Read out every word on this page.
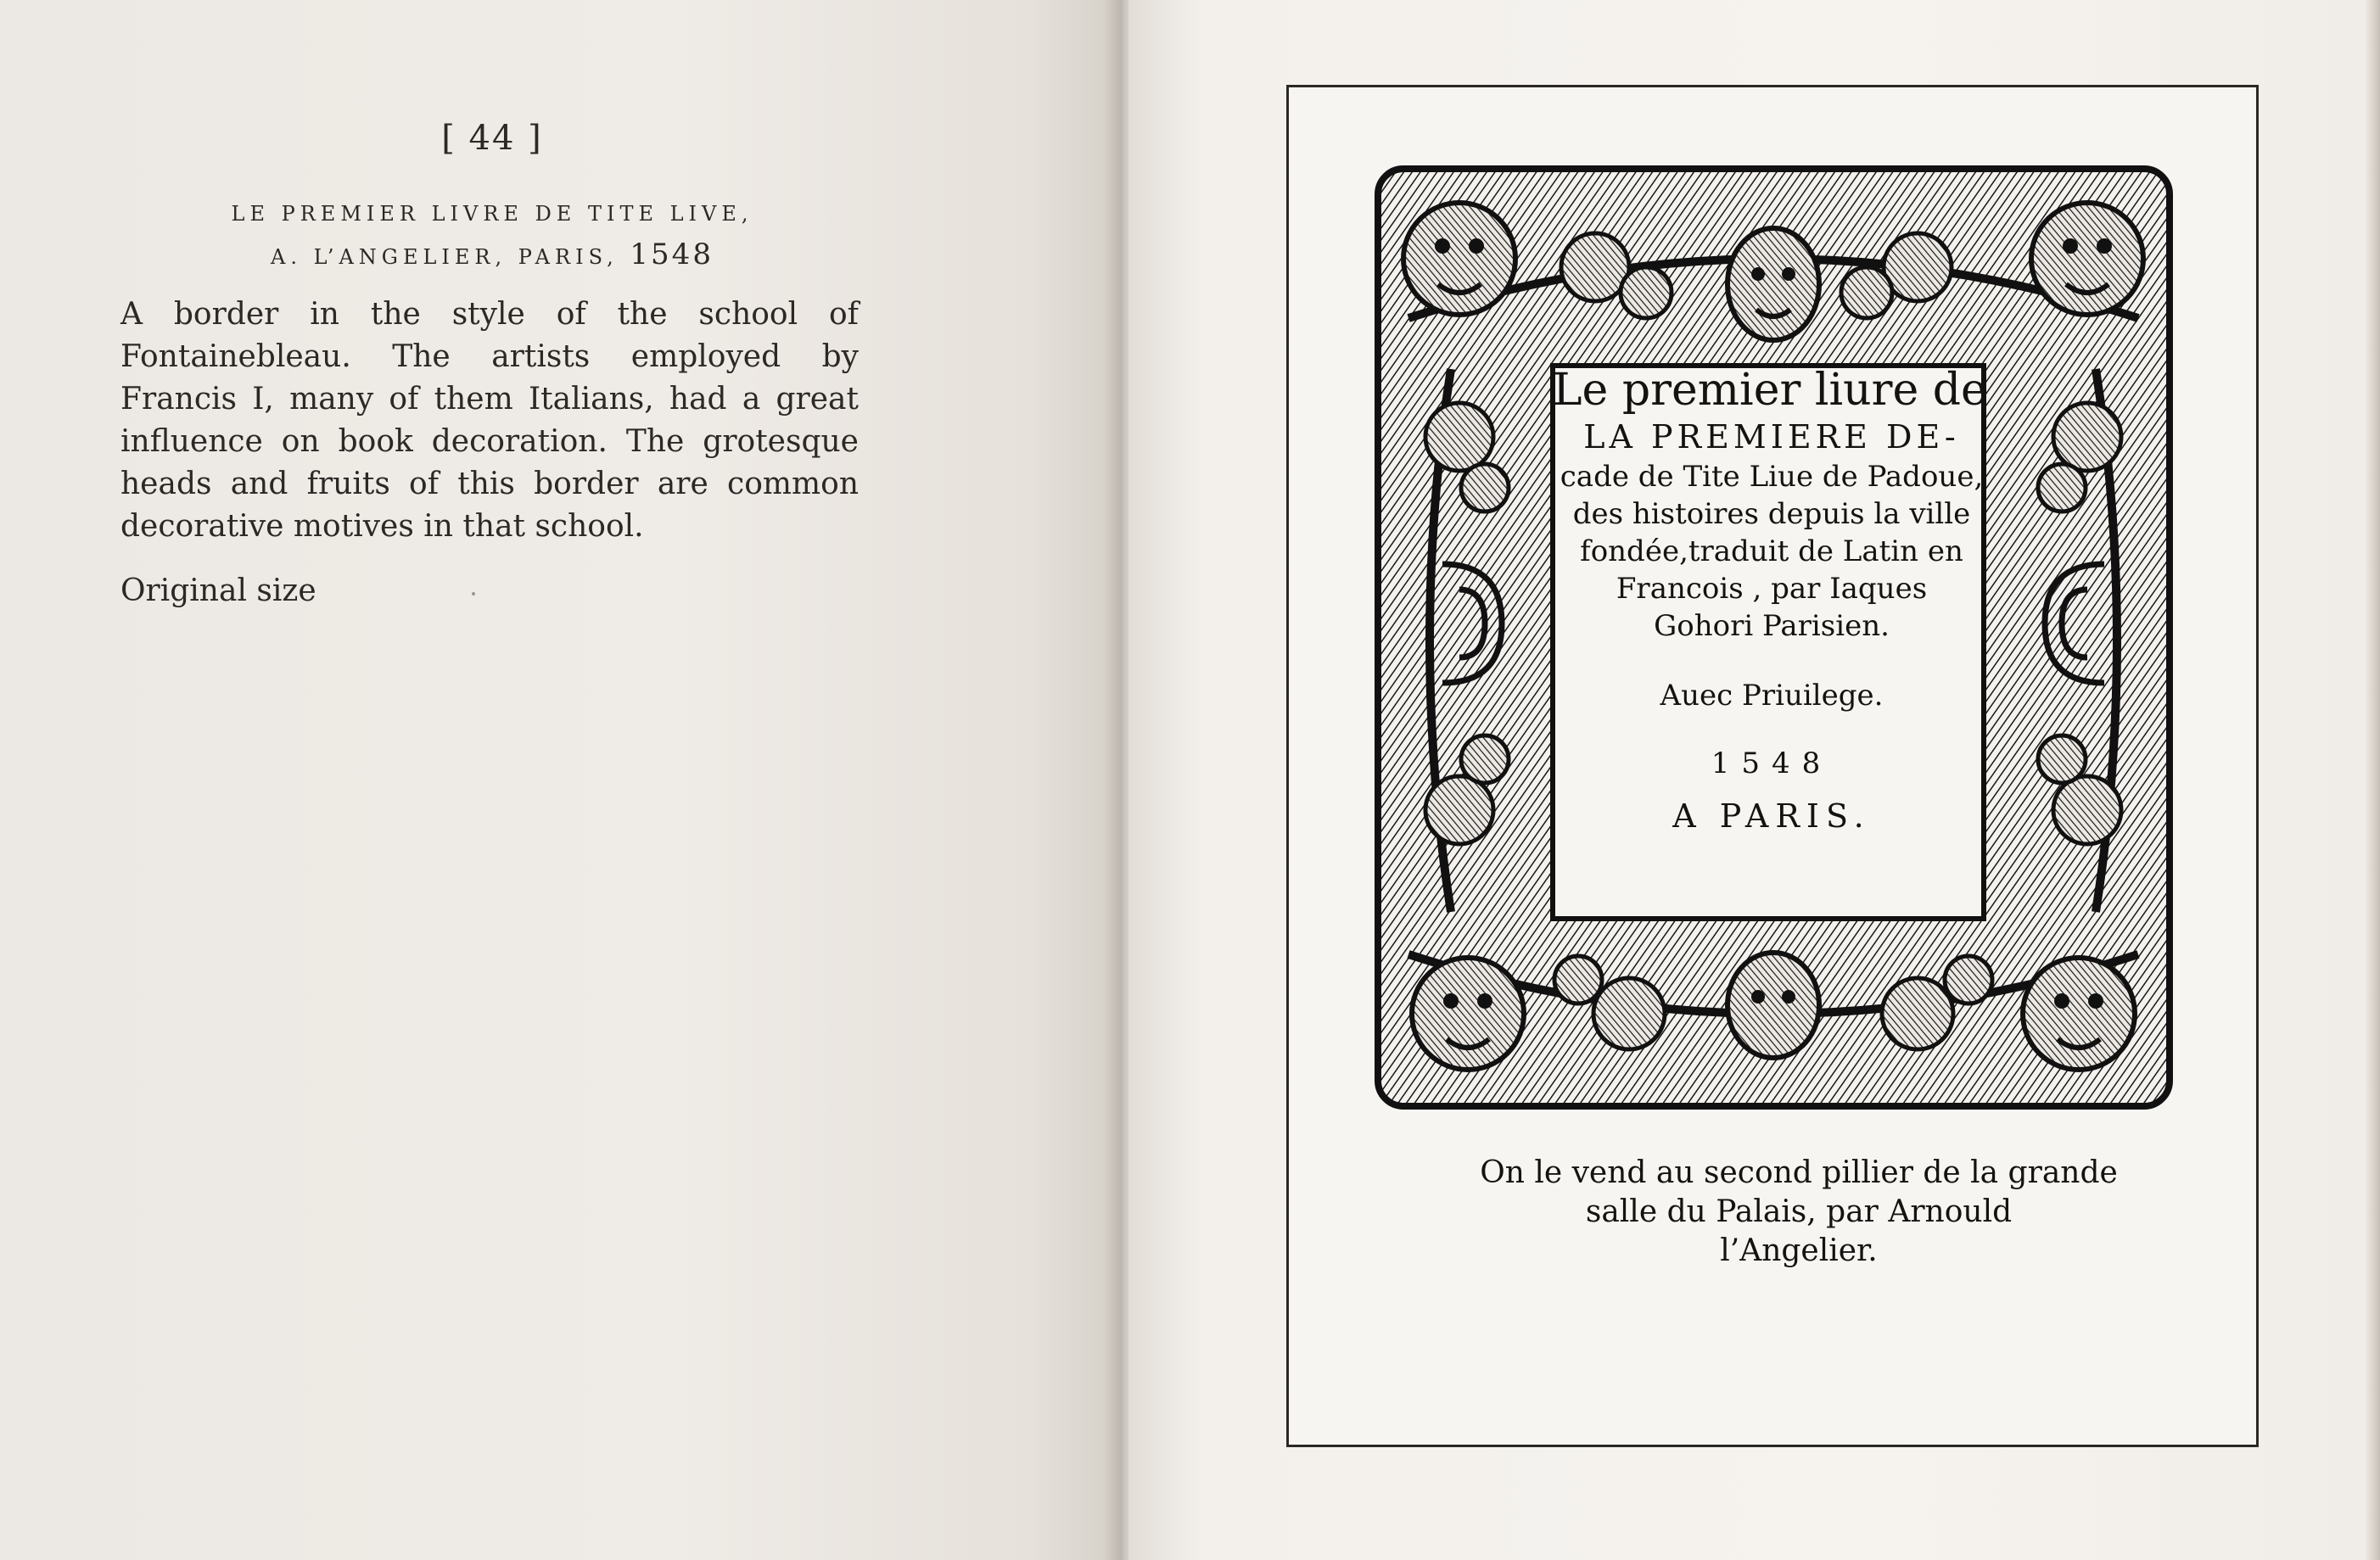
[ 44 ]
LE PREMIER LIVRE DE TITE LIVE,
A. L’ANGELIER, PARIS, 1548
A border in the style of the school of Fontainebleau. The artists employed by Francis I, many of them Italians, had a great influence on book decoration. The grotesque heads and fruits of this border are common decorative motives in that school.
Original size
Le premier liure de
LA PREMIERE DE-
cade de Tite Liue de Padoue,
des histoires depuis la ville
fondée,traduit de Latin en
Francois , par Iaques
Gohori Parisien.
Auec Priuilege.
1548
A PARIS.
On le vend au second pillier de la grande
salle du Palais, par Arnould
l’Angelier.
